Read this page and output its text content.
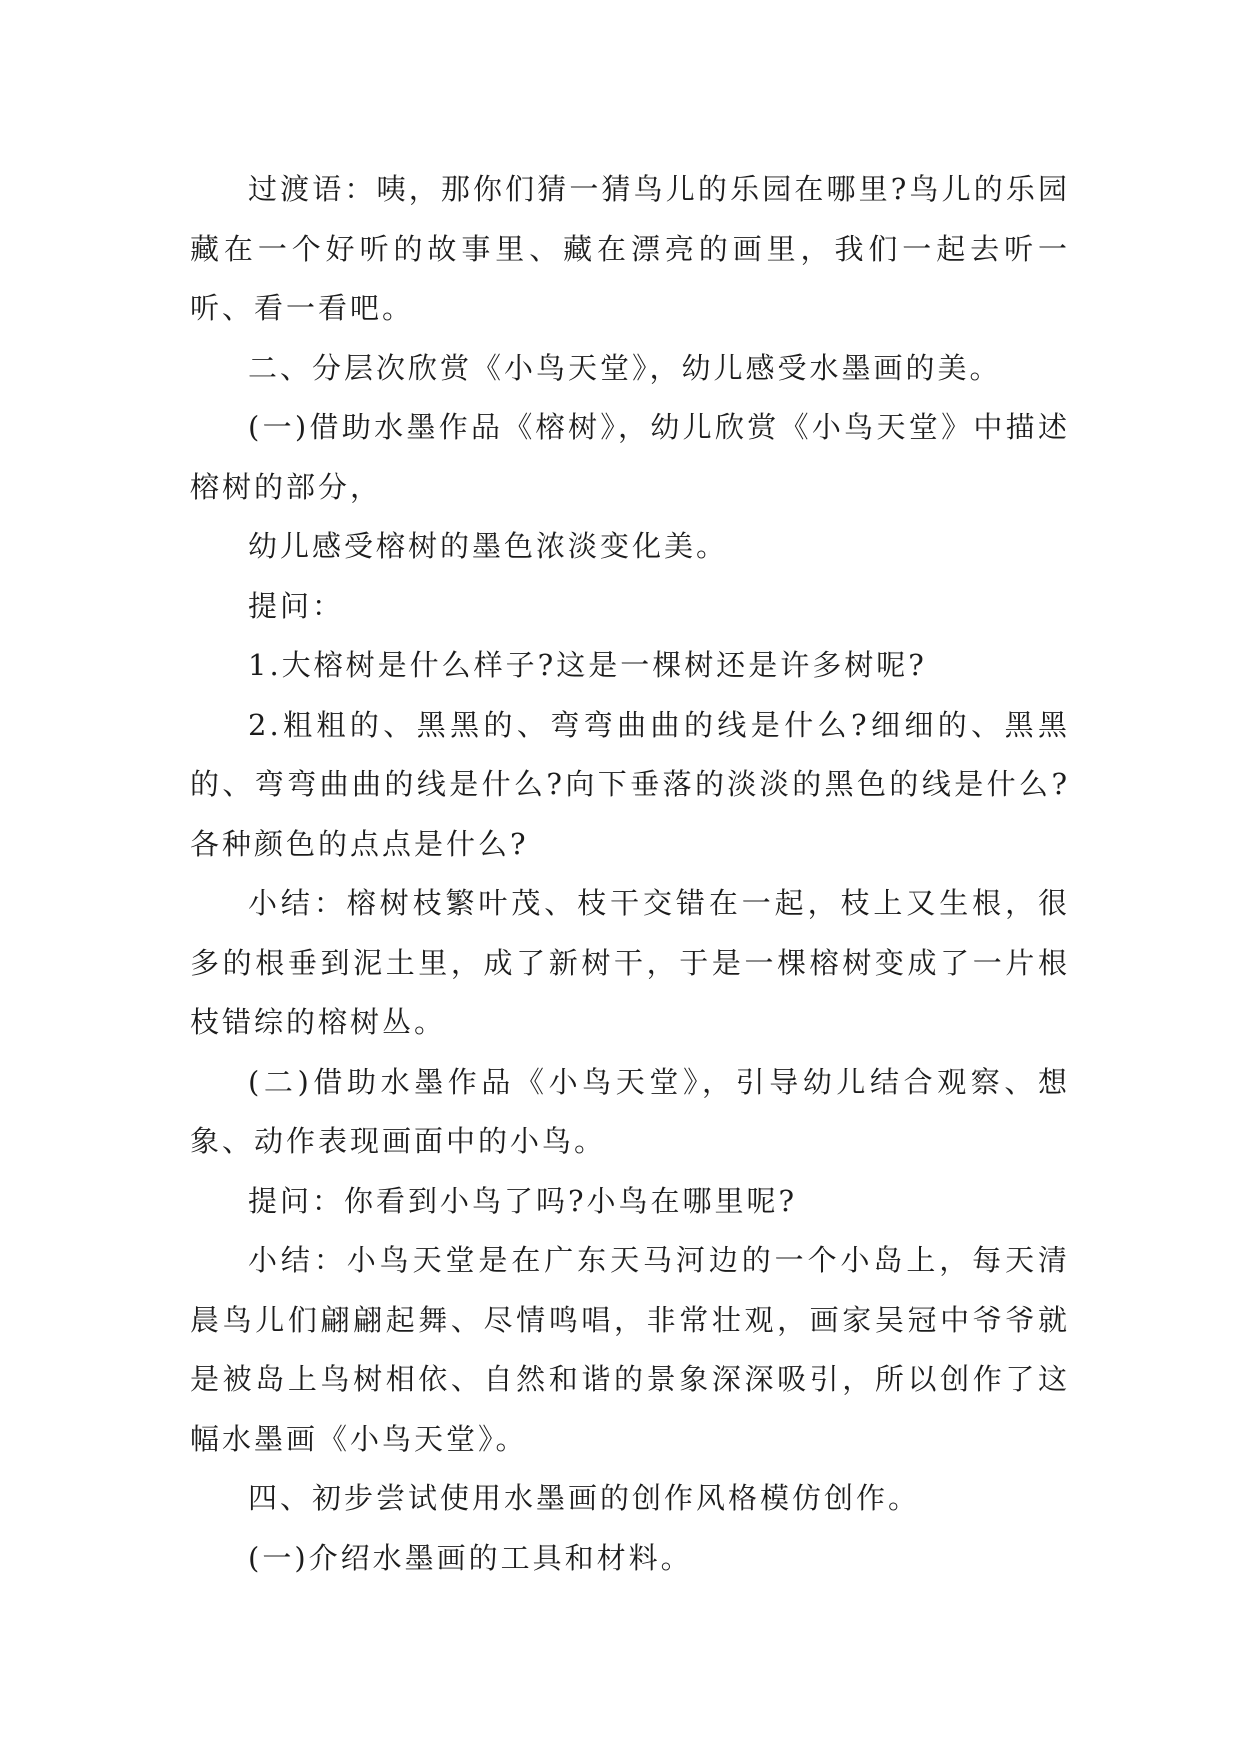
过渡语：咦，那你们猜一猜鸟儿的乐园在哪里?鸟儿的乐园藏在一个好听的故事里、藏在漂亮的画里，我们一起去听一听、看一看吧。

二、分层次欣赏《小鸟天堂》，幼儿感受水墨画的美。

(一)借助水墨作品《榕树》，幼儿欣赏《小鸟天堂》中描述榕树的部分，

幼儿感受榕树的墨色浓淡变化美。

提问：

1.大榕树是什么样子?这是一棵树还是许多树呢?

2.粗粗的、黑黑的、弯弯曲曲的线是什么?细细的、黑黑的、弯弯曲曲的线是什么?向下垂落的淡淡的黑色的线是什么?各种颜色的点点是什么?

小结：榕树枝繁叶茂、枝干交错在一起，枝上又生根，很多的根垂到泥土里，成了新树干，于是一棵榕树变成了一片根枝错综的榕树丛。

(二)借助水墨作品《小鸟天堂》，引导幼儿结合观察、想象、动作表现画面中的小鸟。

提问：你看到小鸟了吗?小鸟在哪里呢?

小结：小鸟天堂是在广东天马河边的一个小岛上，每天清晨鸟儿们翩翩起舞、尽情鸣唱，非常壮观，画家吴冠中爷爷就是被岛上鸟树相依、自然和谐的景象深深吸引，所以创作了这幅水墨画《小鸟天堂》。

四、初步尝试使用水墨画的创作风格模仿创作。

(一)介绍水墨画的工具和材料。
